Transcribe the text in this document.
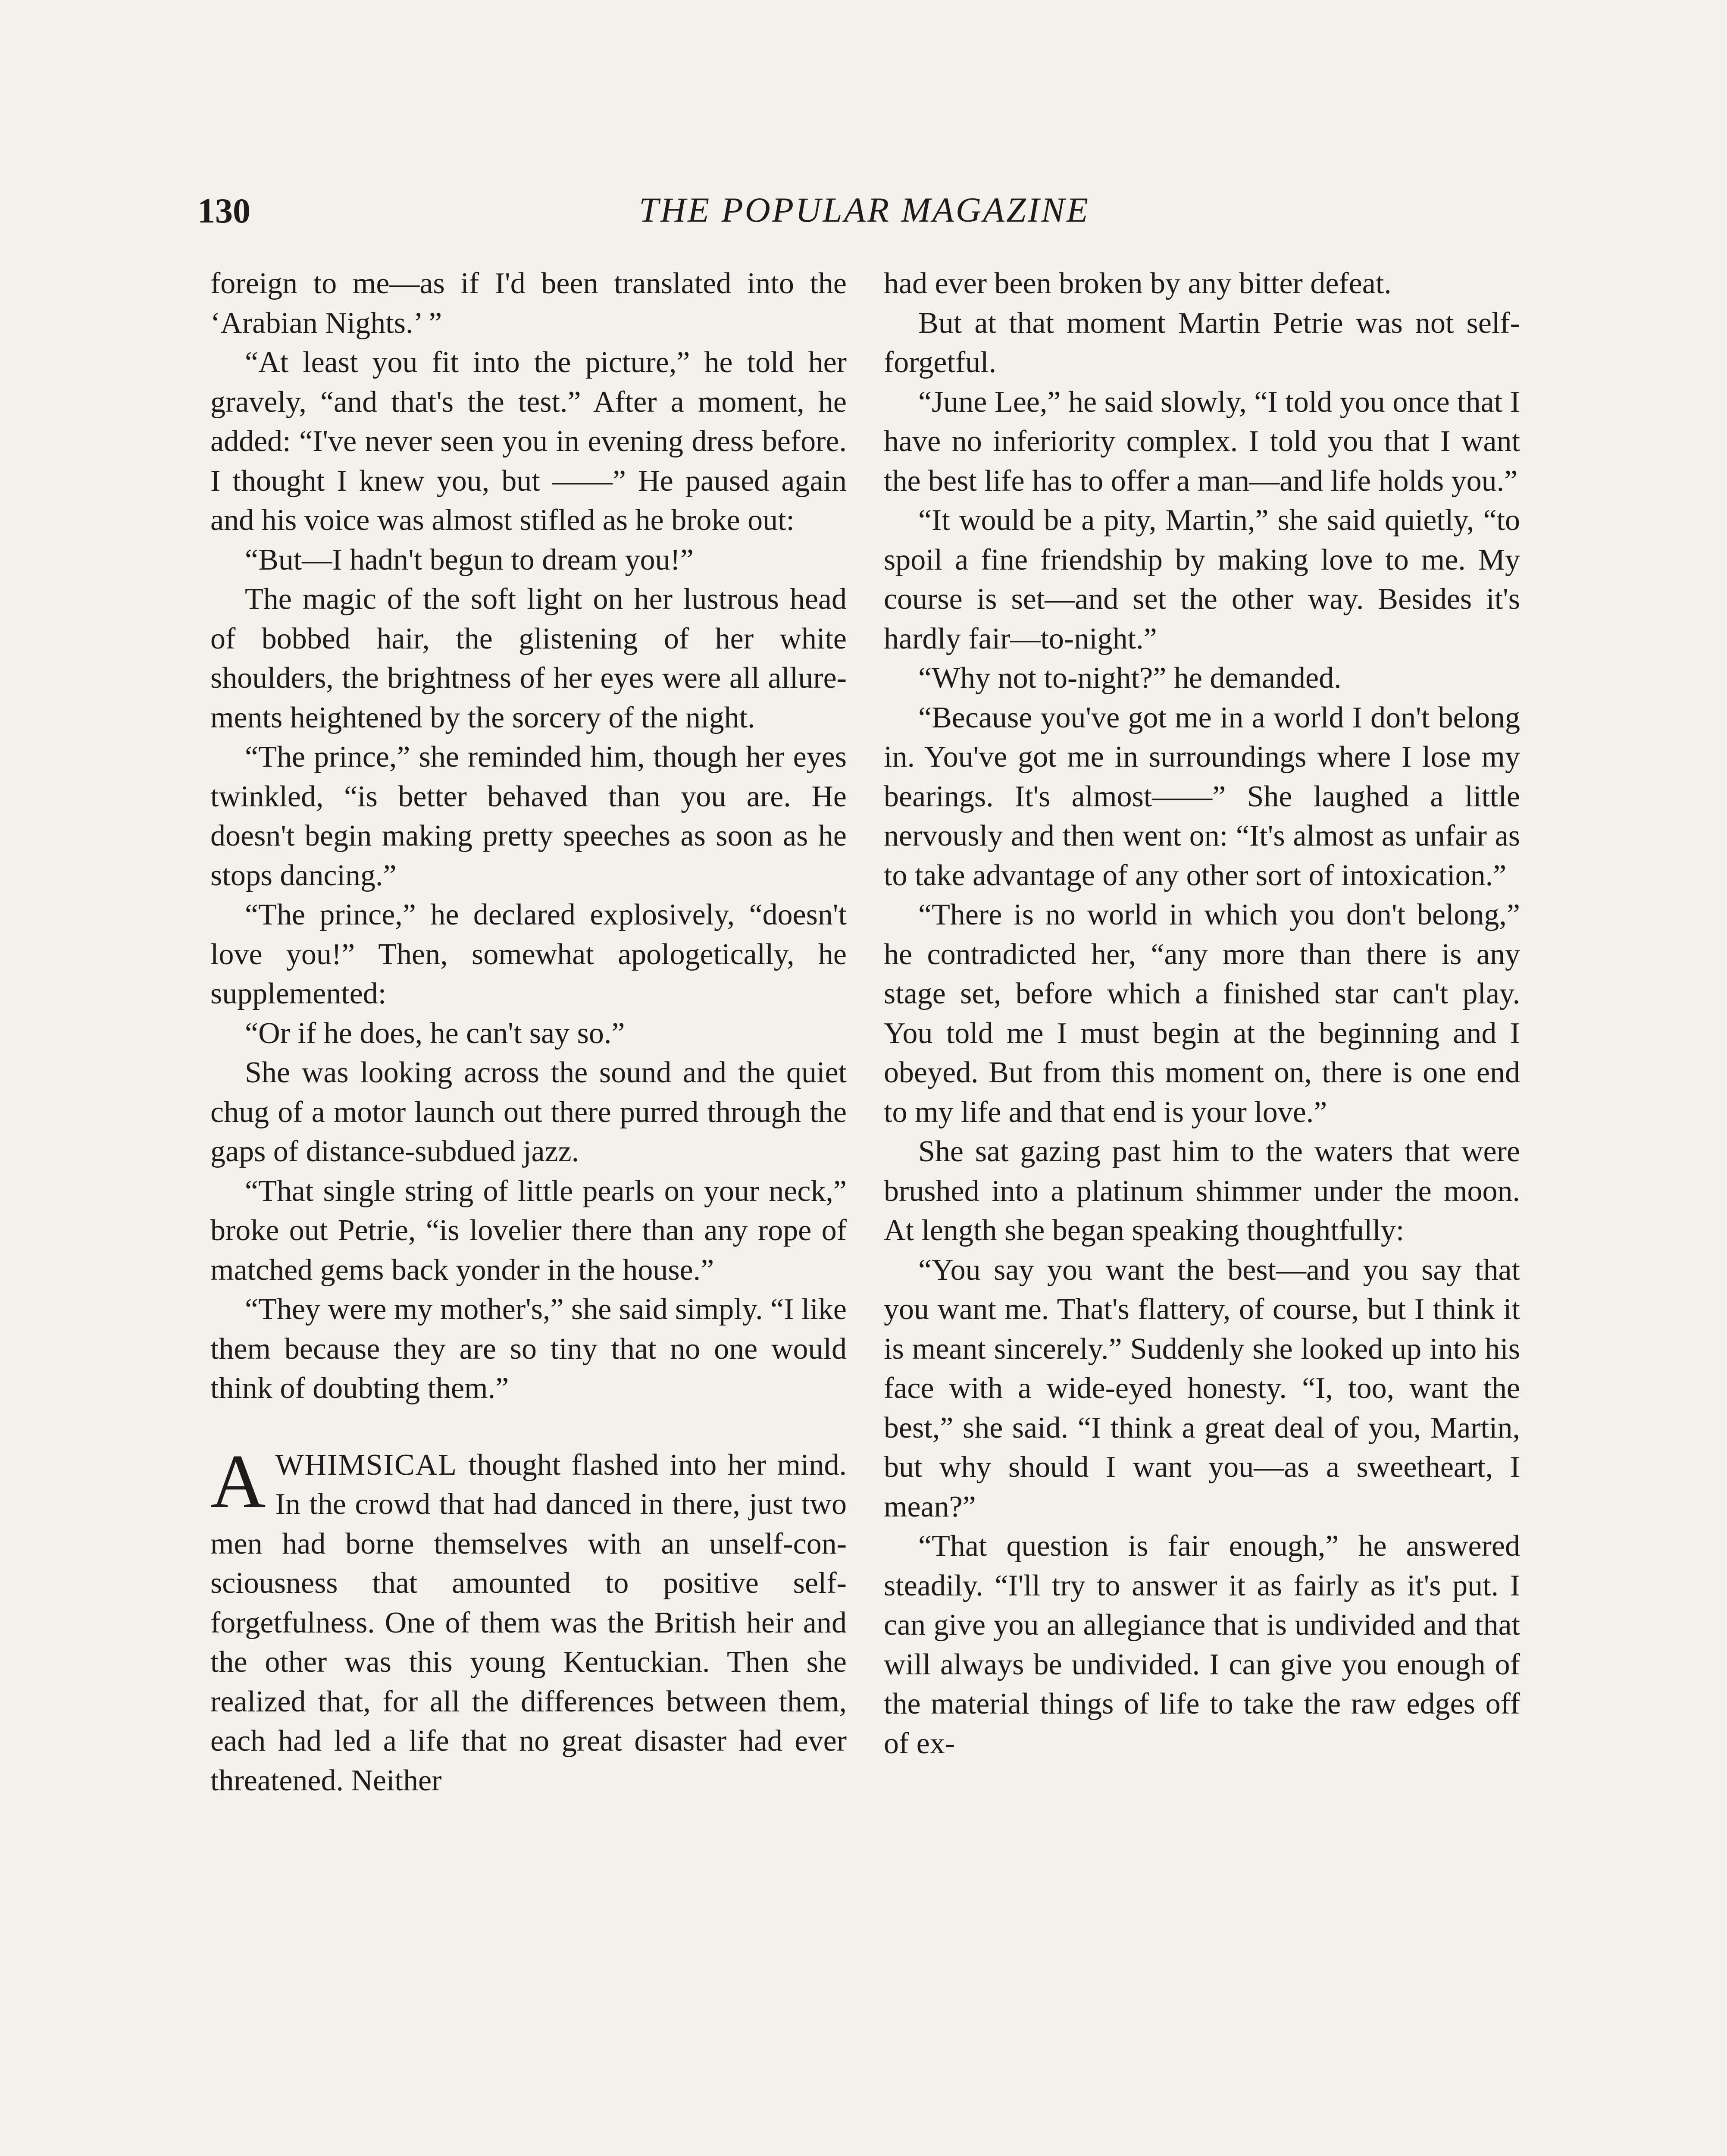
130	THE POPULAR MAGAZINE

foreign to me—as if I'd been translated into the ‘Arabian Nights.’ ”

“At least you fit into the picture,” he told her gravely, “and that's the test.” After a moment, he added: “I've never seen you in evening dress before. I thought I knew you, but ——” He paused again and his voice was almost stifled as he broke out:

“But—I hadn't begun to dream you!”

The magic of the soft light on her lustrous head of bobbed hair, the glistening of her white shoulders, the brightness of her eyes were all allurements heightened by the sorcery of the night.

“The prince,” she reminded him, though her eyes twinkled, “is better behaved than you are. He doesn't begin making pretty speeches as soon as he stops dancing.”

“The prince,” he declared explosively, “doesn't love you!” Then, somewhat apologetically, he supplemented:

“Or if he does, he can't say so.”

She was looking across the sound and the quiet chug of a motor launch out there purred through the gaps of distance-subdued jazz.

“That single string of little pearls on your neck,” broke out Petrie, “is lovelier there than any rope of matched gems back yonder in the house.”

“They were my mother's,” she said simply. “I like them because they are so tiny that no one would think of doubting them.”

AWHIMSICAL thought flashed into her mind. In the crowd that had danced in there, just two men had borne themselves with an unself-consciousness that amounted to positive self-forgetfulness. One of them was the British heir and the other was this young Kentuckian. Then she realized that, for all the differences between them, each had led a life that no great disaster had ever threatened. Neither

had ever been broken by any bitter defeat.

But at that moment Martin Petrie was not self-forgetful.

“June Lee,” he said slowly, “I told you once that I have no inferiority complex. I told you that I want the best life has to offer a man—and life holds you.”

“It would be a pity, Martin,” she said quietly, “to spoil a fine friendship by making love to me. My course is set—and set the other way. Besides it's hardly fair—to-night.”

“Why not to-night?” he demanded.

“Because you've got me in a world I don't belong in. You've got me in surroundings where I lose my bearings. It's almost——” She laughed a little nervously and then went on: “It's almost as unfair as to take advantage of any other sort of intoxication.”

“There is no world in which you don't belong,” he contradicted her, “any more than there is any stage set, before which a finished star can't play. You told me I must begin at the beginning and I obeyed. But from this moment on, there is one end to my life and that end is your love.”

She sat gazing past him to the waters that were brushed into a platinum shimmer under the moon. At length she began speaking thoughtfully:

“You say you want the best—and you say that you want me. That's flattery, of course, but I think it is meant sincerely.” Suddenly she looked up into his face with a wide-eyed honesty. “I, too, want the best,” she said. “I think a great deal of you, Martin, but why should I want you—as a sweetheart, I mean?”

“That question is fair enough,” he answered steadily. “I'll try to answer it as fairly as it's put. I can give you an allegiance that is undivided and that will always be undivided. I can give you enough of the material things of life to take the raw edges off of ex-
